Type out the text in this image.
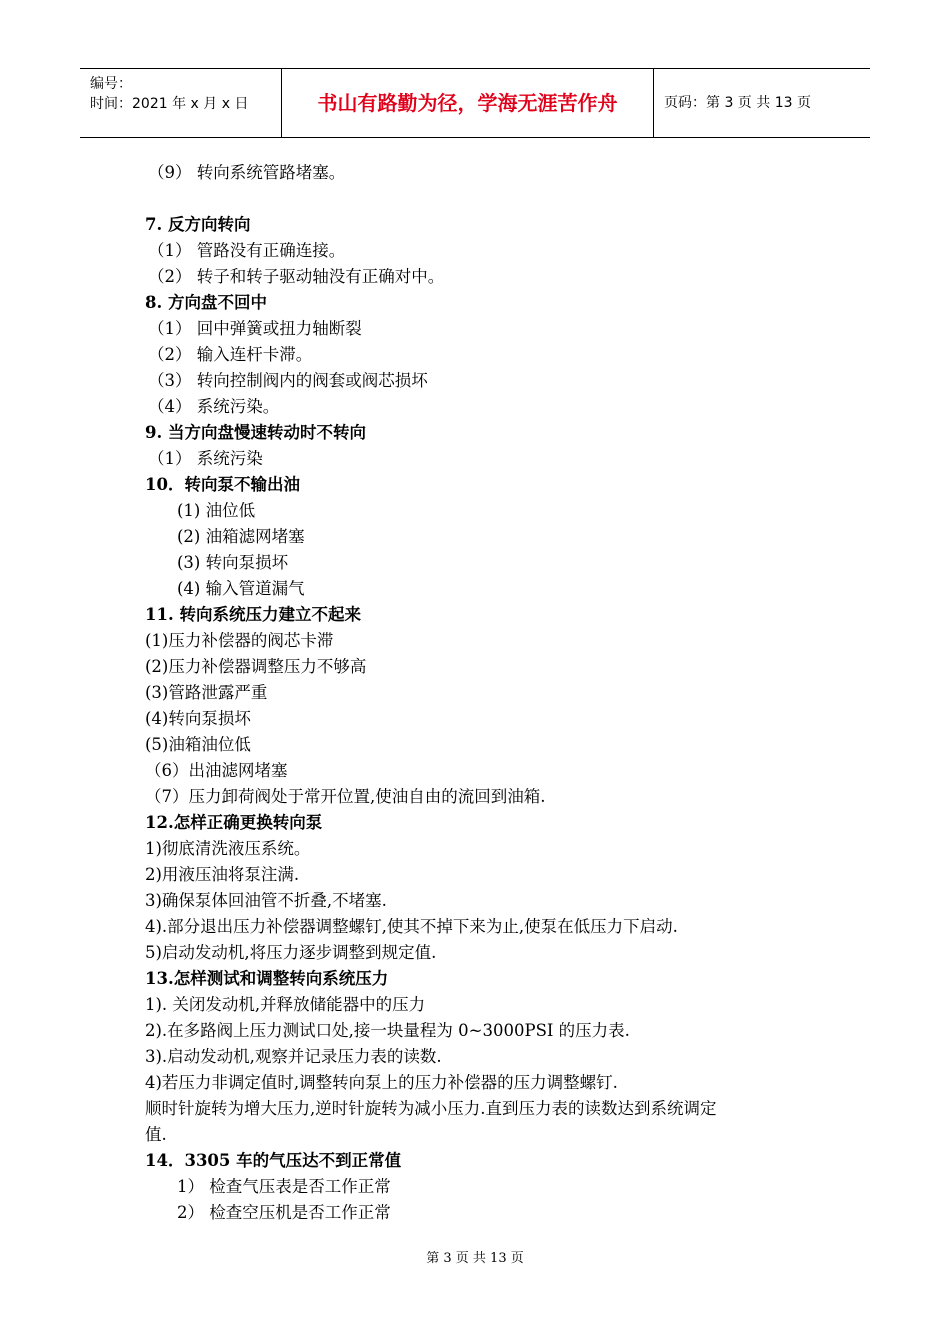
编号：
时间：2021 年 x 月 x 日	书山有路勤为径，学海无涯苦作舟	页码：第 3 页 共 13 页
（9） 转向系统管路堵塞。
7. 反方向转向
（1） 管路没有正确连接。
（2） 转子和转子驱动轴没有正确对中。
8. 方向盘不回中
（1） 回中弹簧或扭力轴断裂
（2） 输入连杆卡滞。
（3） 转向控制阀内的阀套或阀芯损坏
（4） 系统污染。
9. 当方向盘慢速转动时不转向
（1） 系统污染
10．转向泵不输出油
(1) 油位低
(2) 油箱滤网堵塞
(3) 转向泵损坏
(4) 输入管道漏气
11. 转向系统压力建立不起来
(1)压力补偿器的阀芯卡滞
(2)压力补偿器调整压力不够高
(3)管路泄露严重
(4)转向泵损坏
(5)油箱油位低
（6）出油滤网堵塞
（7）压力卸荷阀处于常开位置,使油自由的流回到油箱.
12.怎样正确更换转向泵
1)彻底清洗液压系统。
2)用液压油将泵注满.
3)确保泵体回油管不折叠,不堵塞.
4).部分退出压力补偿器调整螺钉,使其不掉下来为止,使泵在低压力下启动.
5)启动发动机,将压力逐步调整到规定值.
13.怎样测试和调整转向系统压力
1). 关闭发动机,并释放储能器中的压力
2).在多路阀上压力测试口处,接一块量程为 0~3000PSI 的压力表.
3).启动发动机,观察并记录压力表的读数.
4)若压力非调定值时,调整转向泵上的压力补偿器的压力调整螺钉.
顺时针旋转为增大压力,逆时针旋转为减小压力.直到压力表的读数达到系统调定
值.
14．3305 车的气压达不到正常值
1） 检查气压表是否工作正常
2） 检查空压机是否工作正常
第 3 页 共 13 页
